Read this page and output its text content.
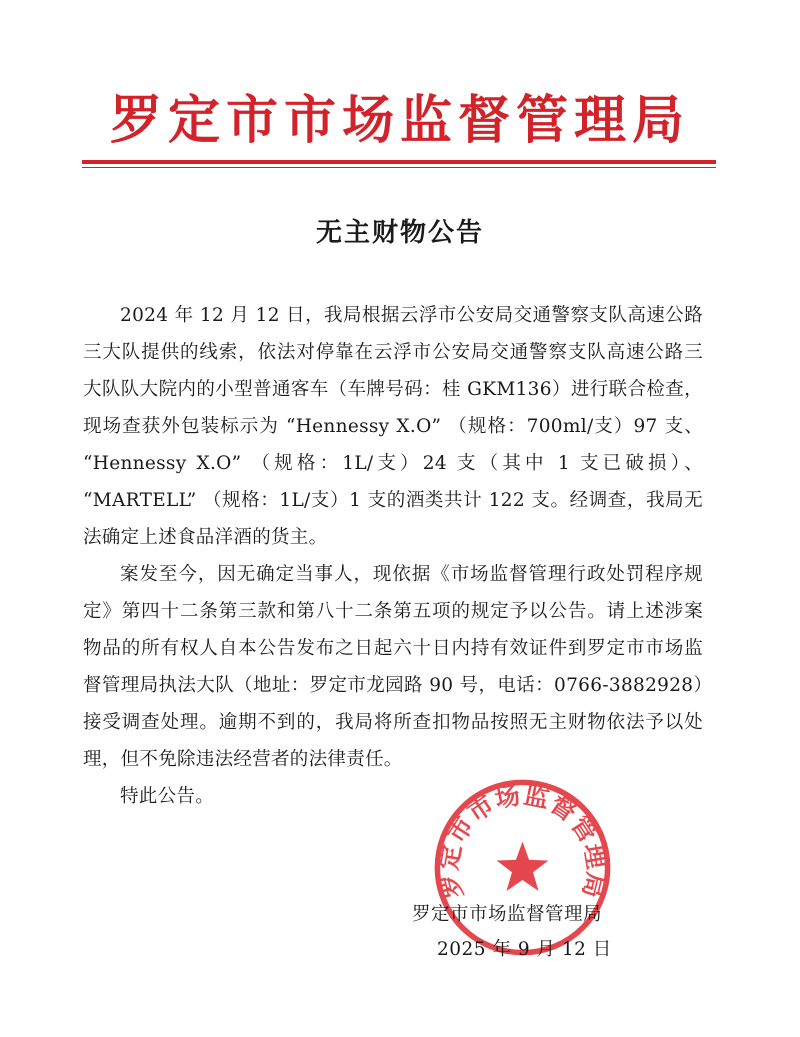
罗定市市场监督管理局
无主财物公告

2024 年 12 月 12 日，我局根据云浮市公安局交通警察支队高速公路三大队提供的线索，依法对停靠在云浮市公安局交通警察支队高速公路三大队队大院内的小型普通客车（车牌号码：桂 GKM136）进行联合检查，现场查获外包装标示为 “Hennessy X.O” （规格：700ml/支）97 支、 “Hennessy X.O” （规格：1L/支）24 支（其中 1 支已破损）、 “MARTELL” （规格：1L/支）1 支的酒类共计 122 支。经调查，我局无法确定上述食品洋酒的货主。

案发至今，因无确定当事人，现依据《市场监督管理行政处罚程序规定》第四十二条第三款和第八十二条第五项的规定予以公告。请上述涉案物品的所有权人自本公告发布之日起六十日内持有效证件到罗定市市场监督管理局执法大队（地址：罗定市龙园路 90 号，电话：0766-3882928）接受调查处理。逾期不到的，我局将所查扣物品按照无主财物依法予以处理，但不免除违法经营者的法律责任。

特此公告。

罗定市市场监督管理局
罗定市市场监督管理局
2025 年 9 月 12 日
